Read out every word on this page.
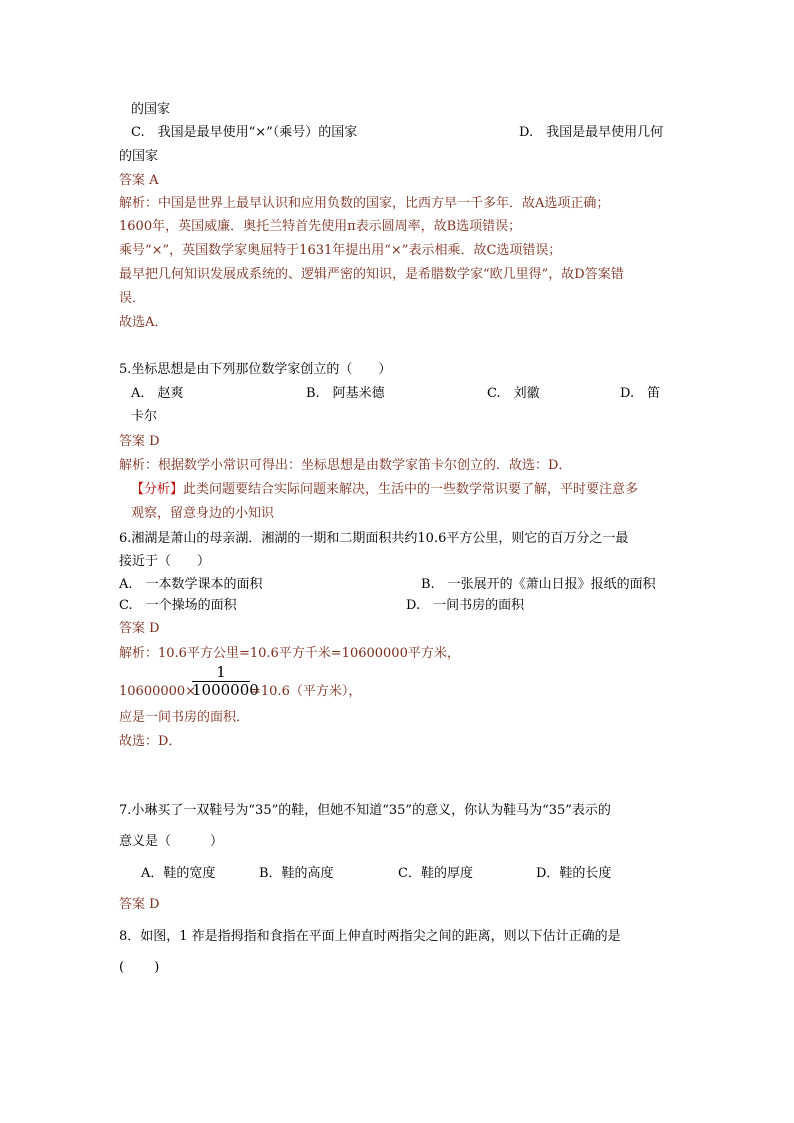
的国家
C.　我国是最早使用“×”（乘号）的国家	D.　我国是最早使用几何
的国家
答案 A
解析：中国是世界上最早认识和应用负数的国家，比西方早一千多年．故A选项正确；
1600年，英国威廉．奥托兰特首先使用π表示圆周率，故B选项错误；
乘号“×”，英国数学家奥屈特于1631年提出用“×”表示相乘．故C选项错误；
最早把几何知识发展成系统的、逻辑严密的知识，是希腊数学家“欧几里得”，故D答案错
误．
故选A．
5.坐标思想是由下列那位数学家创立的（　　）
A.　赵爽	B.　阿基米德	C.　刘徽	D.　笛
卡尔
答案 D
解析：根据数学小常识可得出：坐标思想是由数学家笛卡尔创立的．故选：D．
【分析】此类问题要结合实际问题来解决，生活中的一些数学常识要了解，平时要注意多
观察，留意身边的小知识
6.湘湖是萧山的母亲湖．湘湖的一期和二期面积共约10.6平方公里，则它的百万分之一最
接近于（　　）
A.　一本数学课本的面积	B.　一张展开的《萧山日报》报纸的面积
C.　一个操场的面积	D.　一间书房的面积
答案 D
解析：10.6平方公里=10.6平方千米=10600000平方米，
10600000×
1
1000000
=10.6（平方米），
应是一间书房的面积．
故选：D．
7.小琳买了一双鞋号为“35”的鞋，但她不知道“35”的意义，你认为鞋马为“35”表示的
意义是（　　　）
A．鞋的宽度	B．鞋的高度	C．鞋的厚度	D．鞋的长度
答案 D
8．如图，1 祚是指拇指和食指在平面上伸直时两指尖之间的距离，则以下估计正确的是
(　　 )
